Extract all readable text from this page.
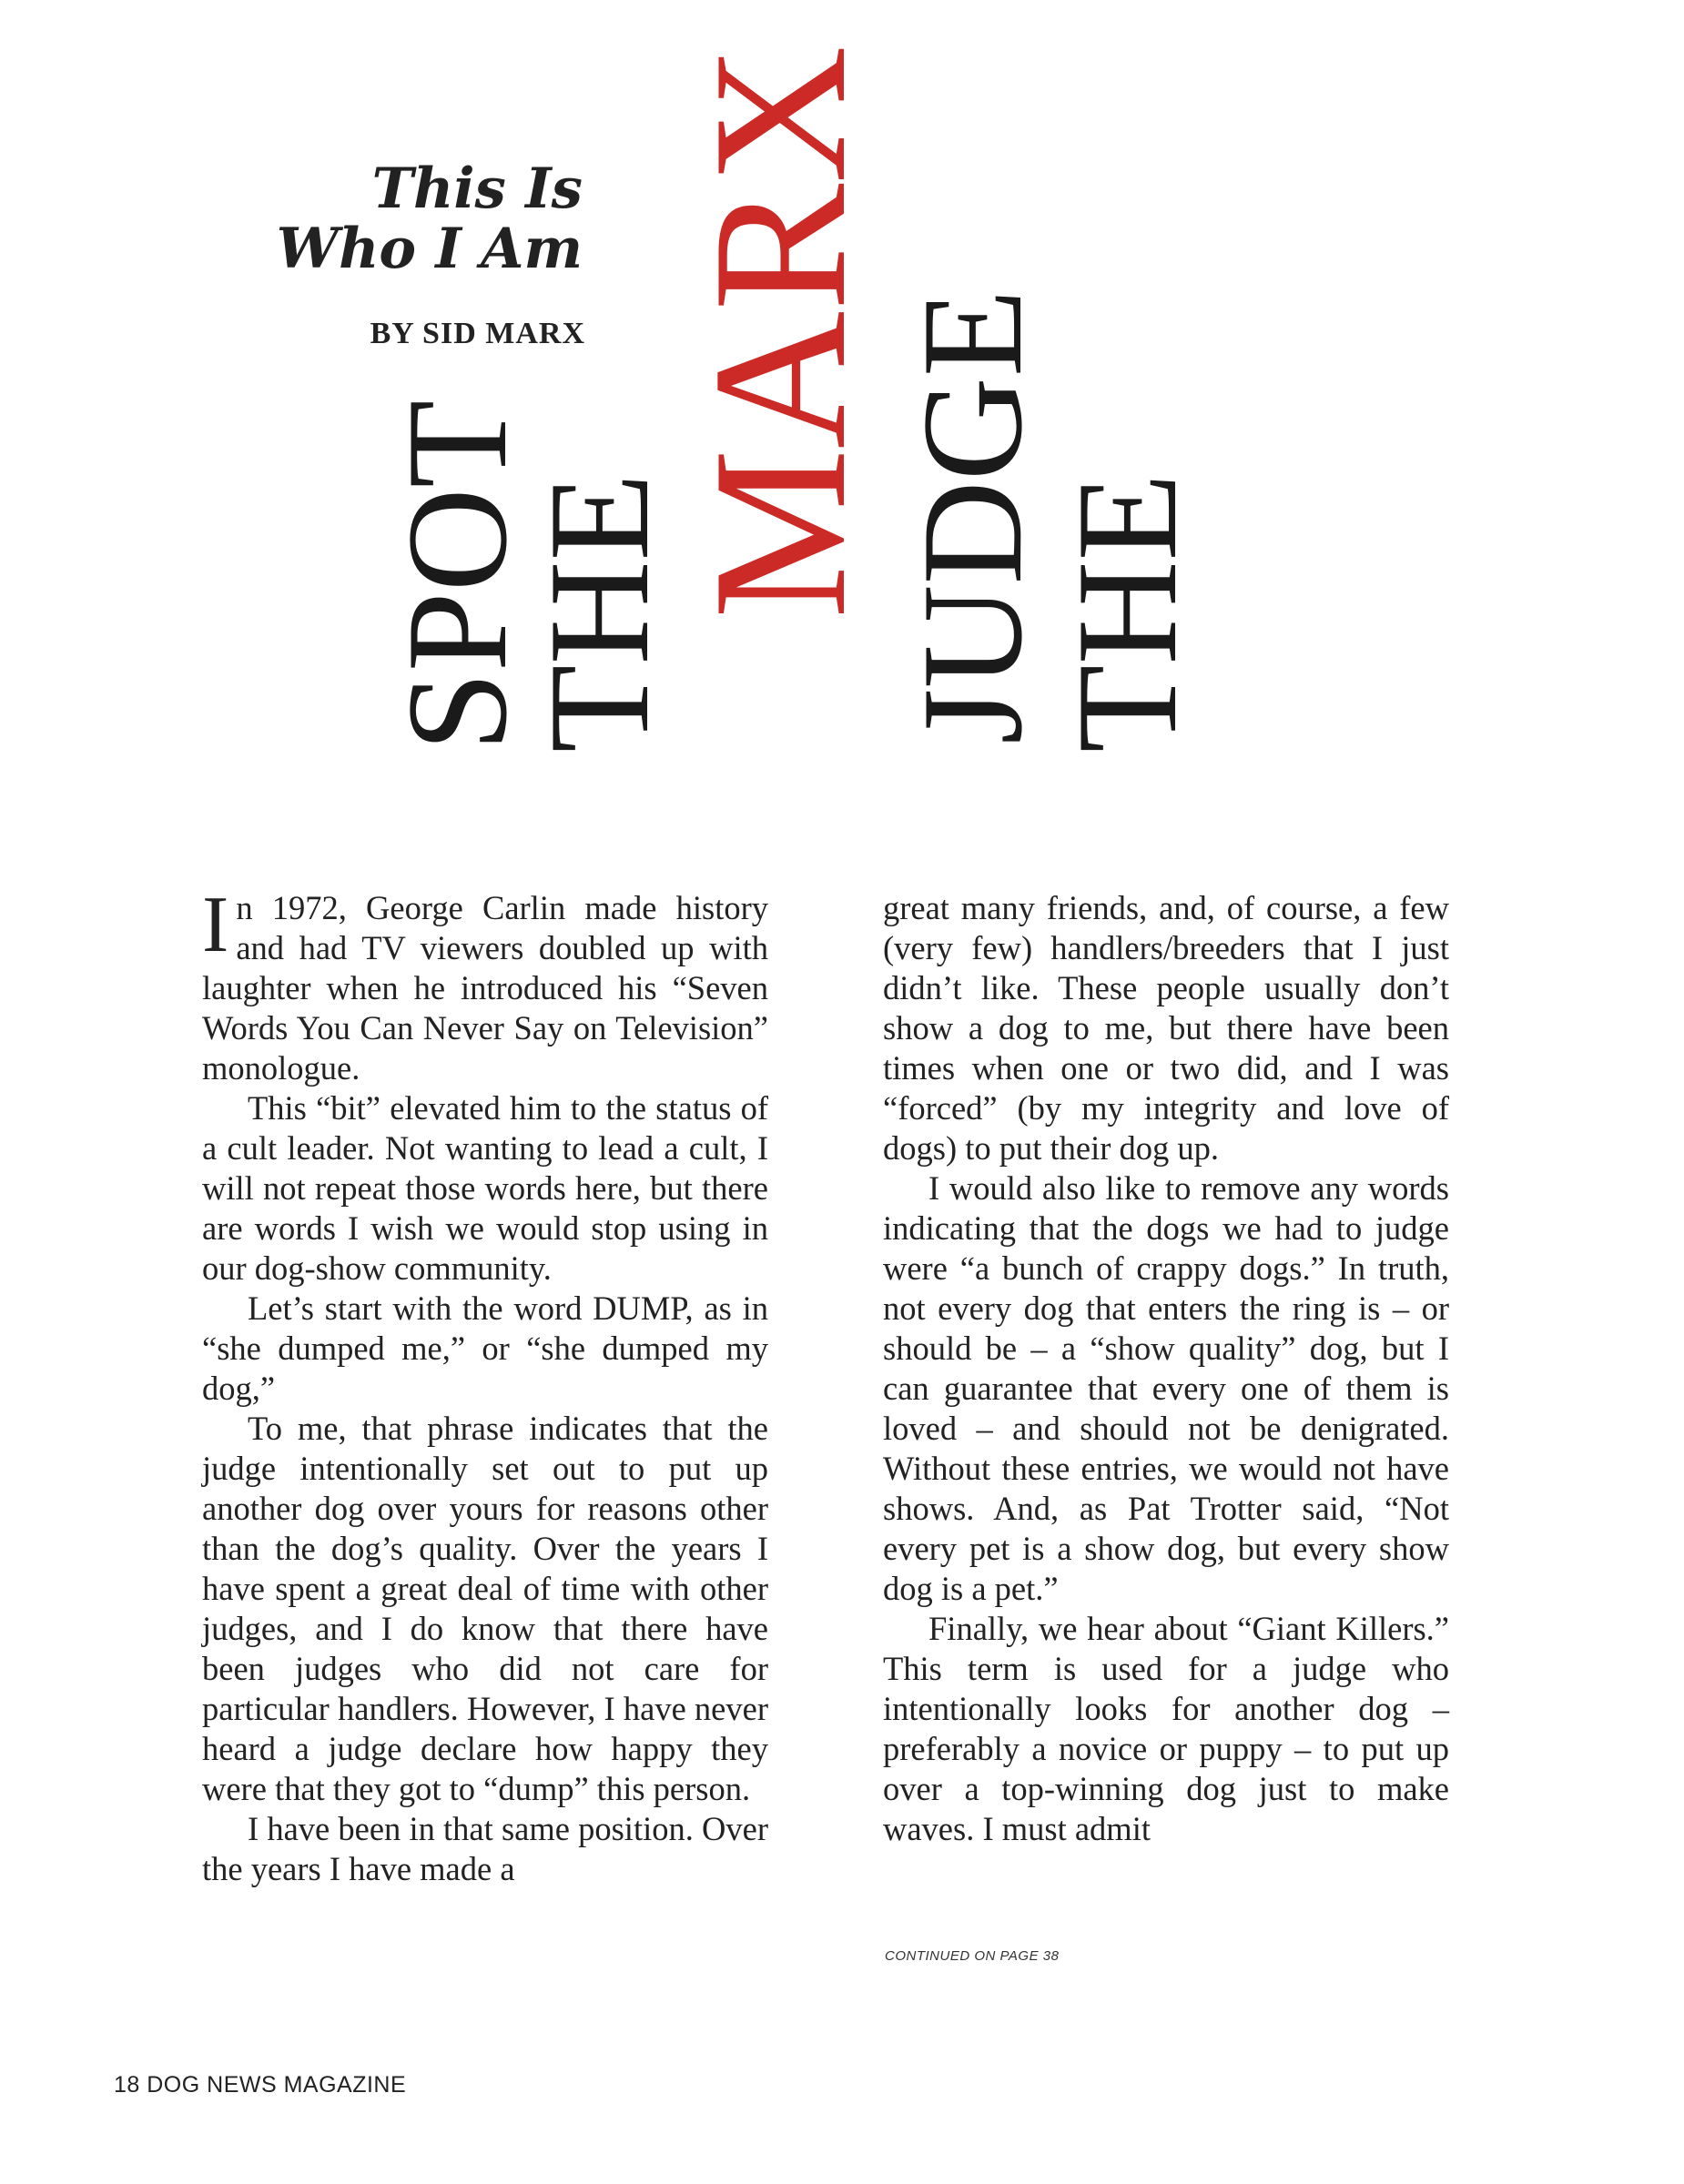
This Is
Who I Am
BY SID MARX
SPOT
THE
MARX JUDGE
THE

In 1972, George Carlin made history and had TV viewers doubled up with laughter when he introduced his “Seven Words You Can Never Say on Television” monologue.

This “bit” elevated him to the status of a cult leader. Not wanting to lead a cult, I will not repeat those words here, but there are words I wish we would stop using in our dog-show community.

Let’s start with the word DUMP, as in “she dumped me,” or “she dumped my dog,”

To me, that phrase indicates that the judge intentionally set out to put up another dog over yours for reasons other than the dog’s quality. Over the years I have spent a great deal of time with other judges, and I do know that there have been judges who did not care for particular handlers. However, I have never heard a judge declare how happy they were that they got to “dump” this person.

I have been in that same position. Over the years I have made a

great many friends, and, of course, a few (very few) handlers/breeders that I just didn’t like. These people usually don’t show a dog to me, but there have been times when one or two did, and I was “forced” (by my integrity and love of dogs) to put their dog up.

I would also like to remove any words indicating that the dogs we had to judge were “a bunch of crappy dogs.” In truth, not every dog that enters the ring is – or should be – a “show quality” dog, but I can guarantee that every one of them is loved – and should not be denigrated. Without these entries, we would not have shows. And, as Pat Trotter said, “Not every pet is a show dog, but every show dog is a pet.”

Finally, we hear about “Giant Killers.” This term is used for a judge who intentionally looks for another dog – preferably a novice or puppy – to put up over a top-winning dog just to make waves. I must admit

CONTINUED ON PAGE 38
18 DOG NEWS MAGAZINE
